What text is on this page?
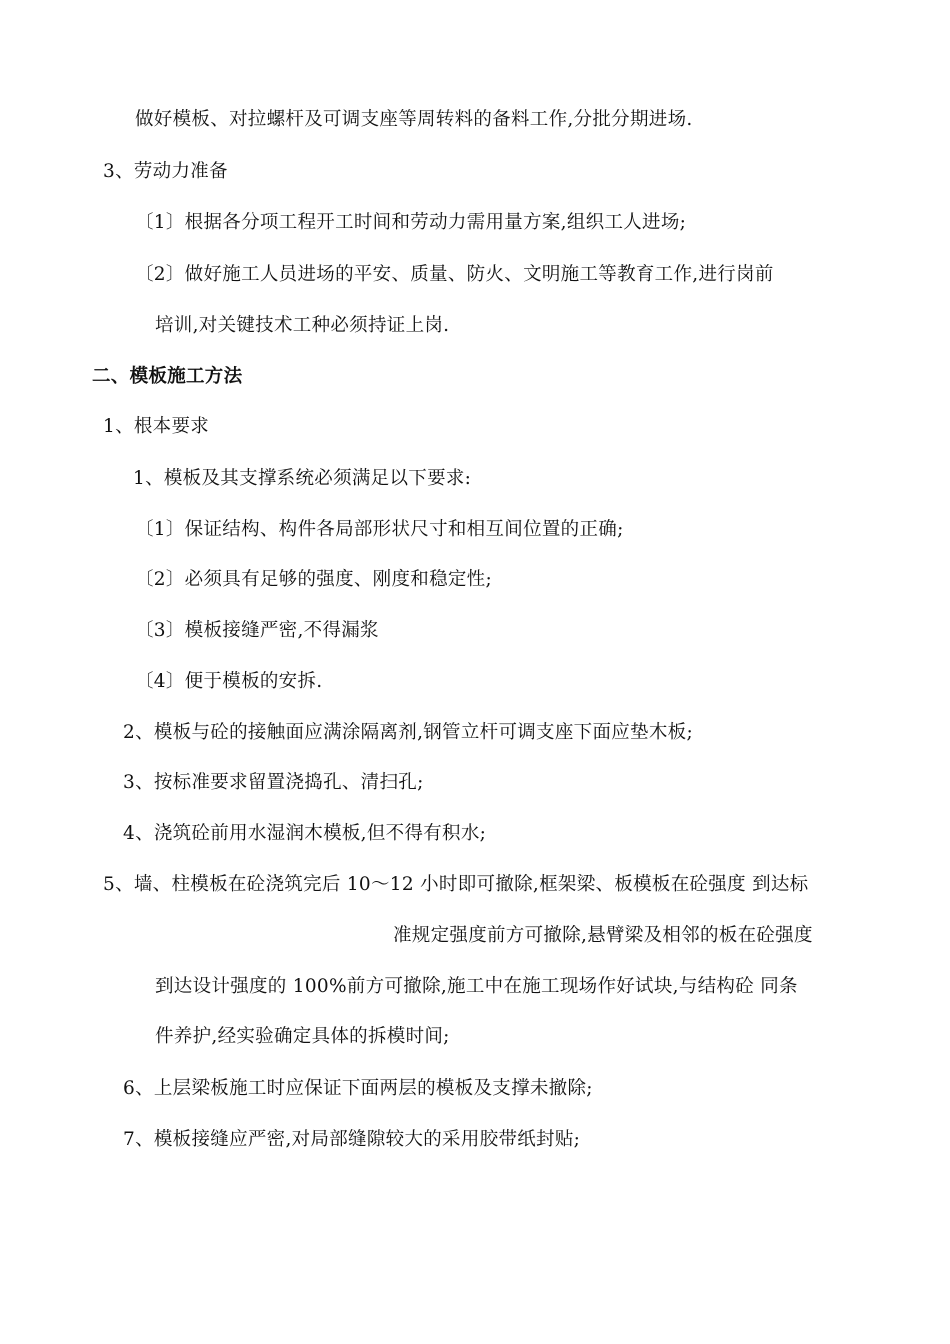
做好模板、对拉螺杆及可调支座等周转料的备料工作,分批分期进场.
3、劳动力准备
〔1〕根据各分项工程开工时间和劳动力需用量方案,组织工人进场;
〔2〕做好施工人员进场的平安、质量、防火、文明施工等教育工作,进行岗前
培训,对关键技术工种必须持证上岗.
二、模板施工方法
1、根本要求
1、模板及其支撑系统必须满足以下要求:
〔1〕保证结构、构件各局部形状尺寸和相互间位置的正确;
〔2〕必须具有足够的强度、刚度和稳定性;
〔3〕模板接缝严密,不得漏浆
〔4〕便于模板的安拆.
2、模板与砼的接触面应满涂隔离剂,钢管立杆可调支座下面应垫木板;
3、按标准要求留置浇捣孔、清扫孔;
4、浇筑砼前用水湿润木模板,但不得有积水;
5、墙、柱模板在砼浇筑完后 10〜12 小时即可撤除,框架梁、板模板在砼强度 到达标
准规定强度前方可撤除,悬臂梁及相邻的板在砼强度
到达设计强度的 100%前方可撤除,施工中在施工现场作好试块,与结构砼 同条
件养护,经实验确定具体的拆模时间;
6、上层梁板施工时应保证下面两层的模板及支撑未撤除;
7、模板接缝应严密,对局部缝隙较大的采用胶带纸封贴;
